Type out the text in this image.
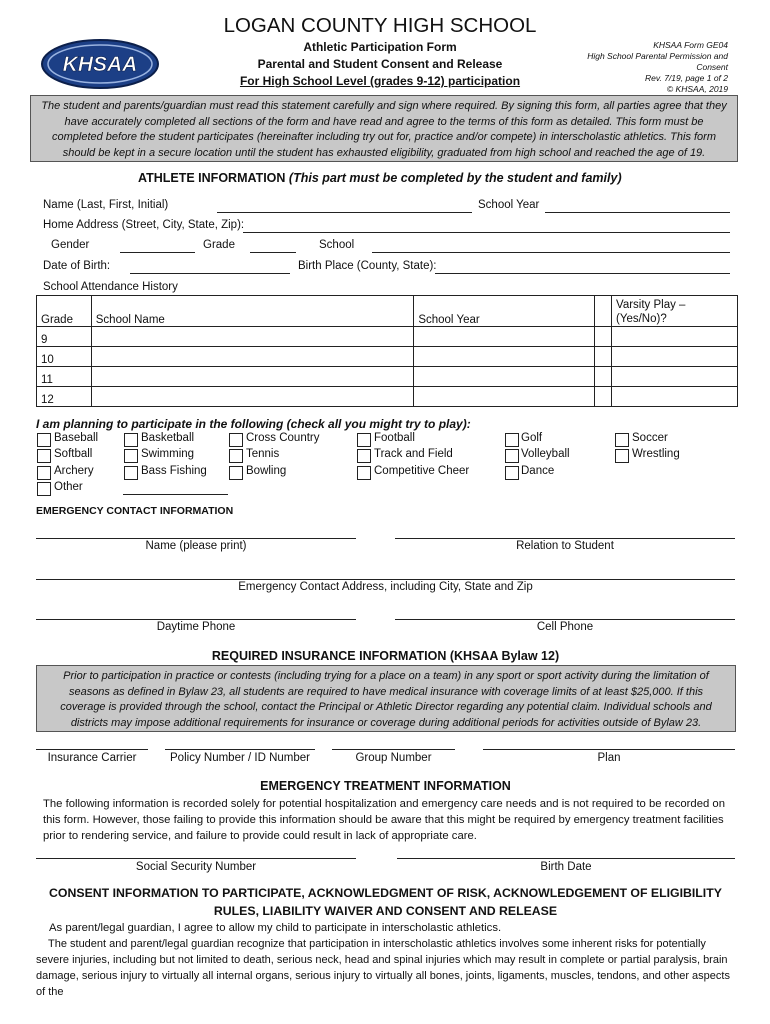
KHSAA
LOGAN COUNTY HIGH SCHOOL
Athletic Participation Form
Parental and Student Consent and Release
For High School Level (grades 9-12) participation
KHSAA Form GE04
High School Parental Permission and
Consent
Rev. 7/19, page 1 of 2
© KHSAA, 2019
The student and parents/guardian must read this statement carefully and sign where required. By signing this form, all parties agree that they have accurately completed all sections of the form and have read and agree to the terms of this form as detailed. This form must be completed before the student participates (hereinafter including try out for, practice and/or compete) in interscholastic athletics. This form should be kept in a secure location until the student has exhausted eligibility, graduated from high school and reached the age of 19.
ATHLETE INFORMATION (This part must be completed by the student and family)
Name (Last, First, Initial)	School Year
Home Address (Street, City, State, Zip):
Gender	Grade	School
Date of Birth:	Birth Place (County, State):
School Attendance History
Grade	School Name	School Year		Varsity Play – (Yes/No)?
9				
10				
11				
12				
I am planning to participate in the following (check all you might try to play):
Baseball
Softball
Archery
Other
Basketball
Swimming
Bass Fishing
Cross Country
Tennis
Bowling
Football
Track and Field
Competitive Cheer
Golf
Volleyball
Dance
Soccer
Wrestling
EMERGENCY CONTACT INFORMATION
Name (please print)	Relation to Student
Emergency Contact Address, including City, State and Zip
Daytime Phone	Cell Phone
REQUIRED INSURANCE INFORMATION (KHSAA Bylaw 12)
Prior to participation in practice or contests (including trying for a place on a team) in any sport or sport activity during the limitation of seasons as defined in Bylaw 23, all students are required to have medical insurance with coverage limits of at least $25,000. If this coverage is provided through the school, contact the Principal or Athletic Director regarding any potential claim. Individual schools and districts may impose additional requirements for insurance or coverage during additional periods for activities outside of Bylaw 23.
Insurance Carrier	Policy Number / ID Number	Group Number	Plan
EMERGENCY TREATMENT INFORMATION
The following information is recorded solely for potential hospitalization and emergency care needs and is not required to be recorded on this form. However, those failing to provide this information should be aware that this might be required by emergency treatment facilities prior to rendering service, and failure to provide could result in lack of appropriate care.
Social Security Number	Birth Date
CONSENT INFORMATION TO PARTICIPATE, ACKNOWLEDGMENT OF RISK, ACKNOWLEDGEMENT OF ELIGIBILITY
RULES, LIABILITY WAIVER AND CONSENT AND RELEASE
As parent/legal guardian, I agree to allow my child to participate in interscholastic athletics.
The student and parent/legal guardian recognize that participation in interscholastic athletics involves some inherent risks for potentially severe injuries, including but not limited to death, serious neck, head and spinal injuries which may result in complete or partial paralysis, brain damage, serious injury to virtually all internal organs, serious injury to virtually all bones, joints, ligaments, muscles, tendons, and other aspects of the
